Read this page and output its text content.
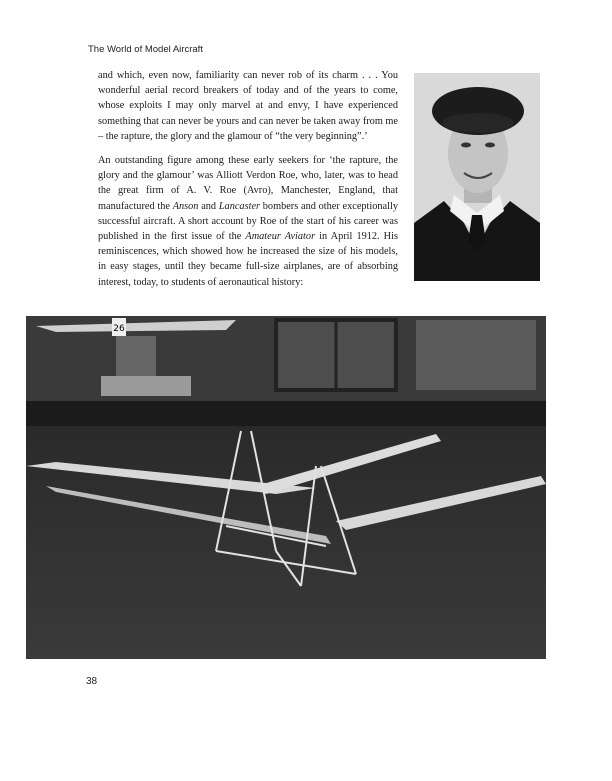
The World of Model Aircraft

and which, even now, familiarity can never rob of its charm . . . You wonderful aerial record breakers of today and of the years to come, whose exploits I may only marvel at and envy, I have experienced something that can never be yours and can never be taken away from me – the rapture, the glory and the glamour of “the very beginning”.’

An outstanding figure among these early seekers for ‘the rapture, the glory and the glamour’ was Alliott Verdon Roe, who, later, was to head the great firm of A. V. Roe (Avro), Manchester, England, that manufactured the Anson and Lancaster bombers and other exceptionally successful aircraft. A short account by Roe of the start of his career was published in the first issue of the Amateur Aviator in April 1912. His reminiscences, which showed how he increased the size of his models, in easy stages, until they became full-size airplanes, are of absorbing interest, today, to students of aeronautical history:

26
38
